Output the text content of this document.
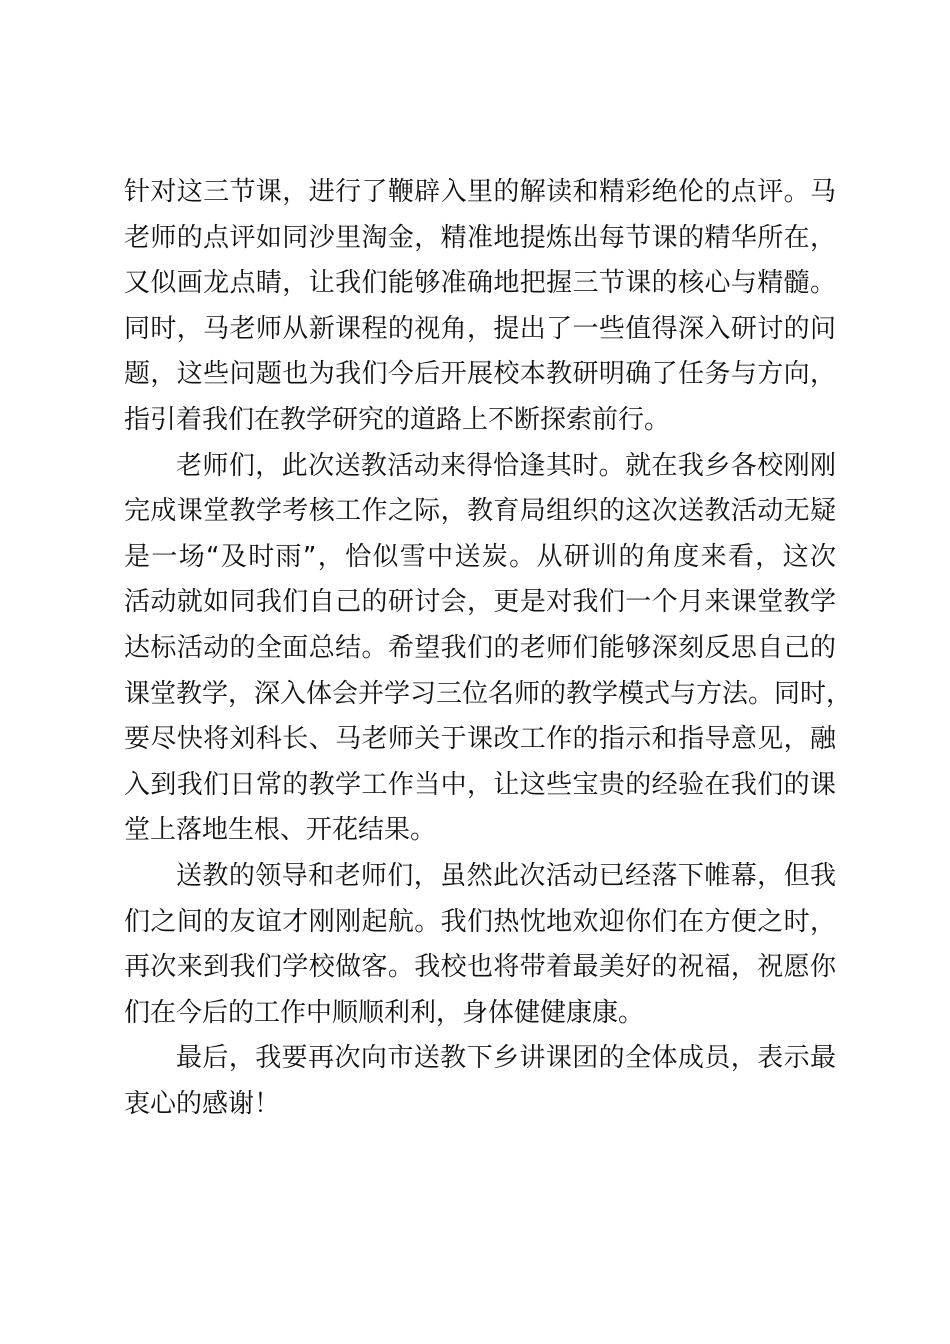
针对这三节课，进行了鞭辟入里的解读和精彩绝伦的点评。马
老师的点评如同沙里淘金，精准地提炼出每节课的精华所在，
又似画龙点睛，让我们能够准确地把握三节课的核心与精髓。
同时，马老师从新课程的视角，提出了一些值得深入研讨的问
题，这些问题也为我们今后开展校本教研明确了任务与方向，
指引着我们在教学研究的道路上不断探索前行。
老师们，此次送教活动来得恰逢其时。就在我乡各校刚刚
完成课堂教学考核工作之际，教育局组织的这次送教活动无疑
是一场“及时雨”，恰似雪中送炭。从研训的角度来看，这次
活动就如同我们自己的研讨会，更是对我们一个月来课堂教学
达标活动的全面总结。希望我们的老师们能够深刻反思自己的
课堂教学，深入体会并学习三位名师的教学模式与方法。同时，
要尽快将刘科长、马老师关于课改工作的指示和指导意见，融
入到我们日常的教学工作当中，让这些宝贵的经验在我们的课
堂上落地生根、开花结果。
送教的领导和老师们，虽然此次活动已经落下帷幕，但我
们之间的友谊才刚刚起航。我们热忱地欢迎你们在方便之时，
再次来到我们学校做客。我校也将带着最美好的祝福，祝愿你
们在今后的工作中顺顺利利，身体健健康康。
最后，我要再次向市送教下乡讲课团的全体成员，表示最
衷心的感谢！
